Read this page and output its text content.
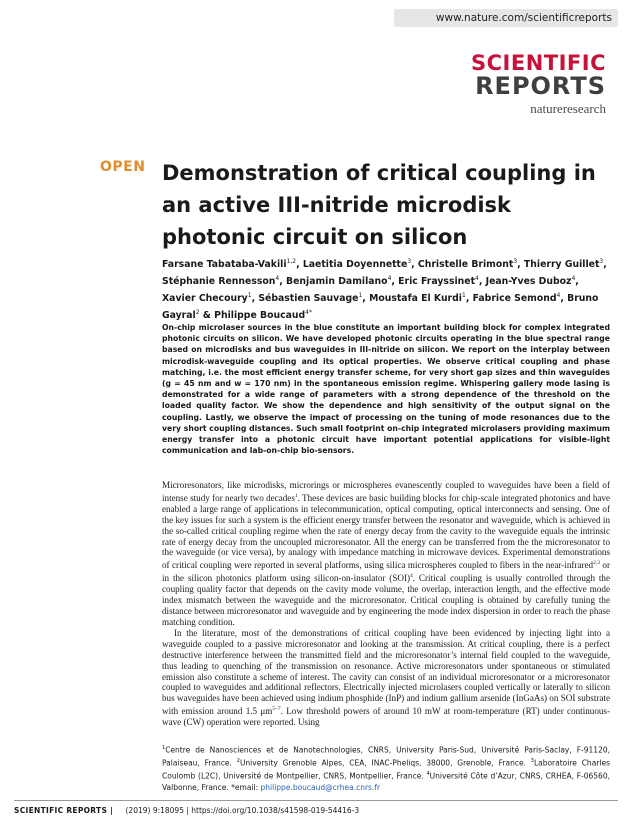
www.nature.com/scientificreports
SCIENTIFIC
REPORTS
natureresearch
OPEN Demonstration of critical coupling in an active III-nitride microdisk photonic circuit on silicon
Farsane Tabataba-Vakili$^{1,2}$, Laetitia Doyennette$^3$, Christelle Brimont$^3$, Thierry Guillet$^3$, Stéphanie Rennesson$^4$, Benjamin Damilano$^4$, Eric Frayssinet$^4$, Jean-Yves Duboz$^4$, Xavier Checoury$^1$, Sébastien Sauvage$^1$, Moustafa El Kurdi$^1$, Fabrice Semond$^4$, Bruno Gayral$^2$ & Philippe Boucaud$^{4*}$
On-chip microlaser sources in the blue constitute an important building block for complex integrated photonic circuits on silicon. We have developed photonic circuits operating in the blue spectral range based on microdisks and bus waveguides in III-nitride on silicon. We report on the interplay between microdisk-waveguide coupling and its optical properties. We observe critical coupling and phase matching, i.e. the most efficient energy transfer scheme, for very short gap sizes and thin waveguides (g = 45 nm and w = 170 nm) in the spontaneous emission regime. Whispering gallery mode lasing is demonstrated for a wide range of parameters with a strong dependence of the threshold on the loaded quality factor. We show the dependence and high sensitivity of the output signal on the coupling. Lastly, we observe the impact of processing on the tuning of mode resonances due to the very short coupling distances. Such small footprint on-chip integrated microlasers providing maximum energy transfer into a photonic circuit have important potential applications for visible-light communication and lab-on-chip bio-sensors.

Microresonators, like microdisks, microrings or microspheres evanescently coupled to waveguides have been a field of intense study for nearly two decades$^1$. These devices are basic building blocks for chip-scale integrated photonics and have enabled a large range of applications in telecommunication, optical computing, optical interconnects and sensing. One of the key issues for such a system is the efficient energy transfer between the resonator and waveguide, which is achieved in the so-called critical coupling regime when the rate of energy decay from the cavity to the waveguide equals the intrinsic rate of energy decay from the uncoupled microresonator. All the energy can be transferred from the the microresonator to the waveguide (or vice versa), by analogy with impedance matching in microwave devices. Experimental demonstrations of critical coupling were reported in several platforms, using silica microspheres coupled to fibers in the near-infrared$^{2,3}$ or in the silicon photonics platform using silicon-on-insulator (SOI)$^4$. Critical coupling is usually controlled through the coupling quality factor that depends on the cavity mode volume, the overlap, interaction length, and the effective mode index mismatch between the waveguide and the microresonator. Critical coupling is obtained by carefully tuning the distance between microresonator and waveguide and by engineering the mode index dispersion in order to reach the phase matching condition.

In the literature, most of the demonstrations of critical coupling have been evidenced by injecting light into a waveguide coupled to a passive microresonator and looking at the transmission. At critical coupling, there is a perfect destructive interference between the transmitted field and the microresonator’s internal field coupled to the waveguide, thus leading to quenching of the transmission on resonance. Active microresonators under spontaneous or stimulated emission also constitute a scheme of interest. The cavity can consist of an individual microresonator or a microresonator coupled to waveguides and additional reflectors. Electrically injected microlasers coupled vertically or laterally to silicon bus waveguides have been achieved using indium phosphide (InP) and indium gallium arsenide (InGaAs) on SOI substrate with emission around 1.5 $\mu m^{5-7}$. Low threshold powers of around 10 mW at room-temperature (RT) under continuous-wave (CW) operation were reported. Using

$^1$Centre de Nanosciences et de Nanotechnologies, CNRS, University Paris-Sud, Université Paris-Saclay, F-91120, Palaiseau, France. $^2$University Grenoble Alpes, CEA, INAC-Pheliqs, 38000, Grenoble, France. $^3$Laboratoire Charles Coulomb (L2C), Université de Montpellier, CNRS, Montpellier, France. $^4$Université Côte d’Azur, CNRS, CRHEA, F-06560, Valbonne, France. *email: philippe.boucaud@crhea.cnrs.fr
SCIENTIFIC REPORTS | (2019) 9:18095 | https://doi.org/10.1038/s41598-019-54416-3
